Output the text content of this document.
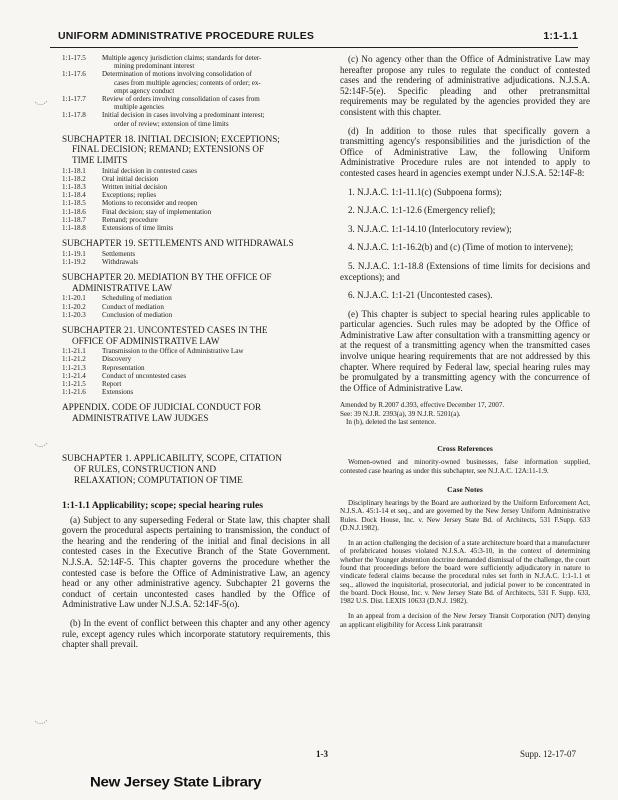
UNIFORM ADMINISTRATIVE PROCEDURE RULES	1:1-1.1
1:1-17.5	Multiple agency jurisdiction claims; standards for deter-
mining predominant interest
1:1-17.6	Determination of motions involving consolidation of
cases from multiple agencies; contents of order; ex-
empt agency conduct
1:1-17.7	Review of orders involving consolidation of cases from
multiple agencies
1:1-17.8	Initial decision in cases involving a predominant interest;
order of review; extension of time limits
SUBCHAPTER 18. INITIAL DECISION; EXCEPTIONS;
FINAL DECISION; REMAND; EXTENSIONS OF
TIME LIMITS
1:1-18.1	Initial decision in contested cases
1:1-18.2	Oral initial decision
1:1-18.3	Written initial decision
1:1-18.4	Exceptions; replies
1:1-18.5	Motions to reconsider and reopen
1:1-18.6	Final decision; stay of implementation
1:1-18.7	Remand; procedure
1:1-18.8	Extensions of time limits
SUBCHAPTER 19. SETTLEMENTS AND WITHDRAWALS
1:1-19.1	Settlements
1:1-19.2	Withdrawals
SUBCHAPTER 20. MEDIATION BY THE OFFICE OF
ADMINISTRATIVE LAW
1:1-20.1	Scheduling of mediation
1:1-20.2	Conduct of mediation
1:1-20.3	Conclusion of mediation
SUBCHAPTER 21. UNCONTESTED CASES IN THE
OFFICE OF ADMINISTRATIVE LAW
1:1-21.1	Transmission to the Office of Administrative Law
1:1-21.2	Discovery
1:1-21.3	Representation
1:1-21.4	Conduct of uncontested cases
1:1-21.5	Report
1:1-21.6	Extensions
APPENDIX. CODE OF JUDICIAL CONDUCT FOR
ADMINISTRATIVE LAW JUDGES
SUBCHAPTER 1. APPLICABILITY, SCOPE, CITATION
OF RULES, CONSTRUCTION AND
RELAXATION; COMPUTATION OF TIME
1:1-1.1 Applicability; scope; special hearing rules

(a) Subject to any superseding Federal or State law, this chapter shall govern the procedural aspects pertaining to transmission, the conduct of the hearing and the rendering of the initial and final decisions in all contested cases in the Executive Branch of the State Government. N.J.S.A. 52:14F-5. This chapter governs the procedure whether the contested case is before the Office of Administrative Law, an agency head or any other administrative agency. Subchapter 21 governs the conduct of certain uncontested cases handled by the Office of Administrative Law under N.J.S.A. 52:14F-5(o).

(b) In the event of conflict between this chapter and any other agency rule, except agency rules which incorporate statutory requirements, this chapter shall prevail.

(c) No agency other than the Office of Administrative Law may hereafter propose any rules to regulate the conduct of contested cases and the rendering of administrative adjudications. N.J.S.A. 52:14F-5(e). Specific pleading and other pretransmittal requirements may be regulated by the agencies provided they are consistent with this chapter.

(d) In addition to those rules that specifically govern a transmitting agency's responsibilities and the jurisdiction of the Office of Administrative Law, the following Uniform Administrative Procedure rules are not intended to apply to contested cases heard in agencies exempt under N.J.S.A. 52:14F-8:

1. N.J.A.C. 1:1-11.1(c) (Subpoena forms);

2. N.J.A.C. 1:1-12.6 (Emergency relief);

3. N.J.A.C. 1:1-14.10 (Interlocutory review);

4. N.J.A.C. 1:1-16.2(b) and (c) (Time of motion to intervene);

5. N.J.A.C. 1:1-18.8 (Extensions of time limits for decisions and exceptions); and

6. N.J.A.C. 1:1-21 (Uncontested cases).

(e) This chapter is subject to special hearing rules applicable to particular agencies. Such rules may be adopted by the Office of Administrative Law after consultation with a transmitting agency or at the request of a transmitting agency when the transmitted cases involve unique hearing requirements that are not addressed by this chapter. Where required by Federal law, special hearing rules may be promulgated by a transmitting agency with the concurrence of the Office of Administrative Law.

Amended by R.2007 d.393, effective December 17, 2007.
See: 39 N.J.R. 2393(a), 39 N.J.R. 5201(a).
In (b), deleted the last sentence.
Cross References

Women-owned and minority-owned businesses, false information supplied, contested case hearing as under this subchapter, see N.J.A.C. 12A:11-1.9.

Case Notes

Disciplinary hearings by the Board are authorized by the Uniform Enforcement Act, N.J.S.A. 45:1-14 et seq., and are governed by the New Jersey Uniform Administrative Rules. Dock House, Inc. v. New Jersey State Bd. of Architects, 531 F.Supp. 633 (D.N.J.1982).

In an action challenging the decision of a state architecture board that a manufacturer of prefabricated houses violated N.J.S.A. 45:3-10, in the context of determining whether the Younger abstention doctrine demanded dismissal of the challenge, the court found that proceedings before the board were sufficiently adjudicatory in nature to vindicate federal claims because the procedural rules set forth in N.J.A.C. 1:1-1.1 et seq., allowed the inquisitorial, prosecutorial, and judicial power to be concentrated in the board. Dock House, Inc. v. New Jersey State Bd. of Architects, 531 F. Supp. 633, 1982 U.S. Dist. LEXIS 10633 (D.N.J. 1982).

In an appeal from a decision of the New Jersey Transit Corporation (NJT) denying an applicant eligibility for Access Link paratransit

1-3	Supp. 12-17-07
New Jersey State Library
